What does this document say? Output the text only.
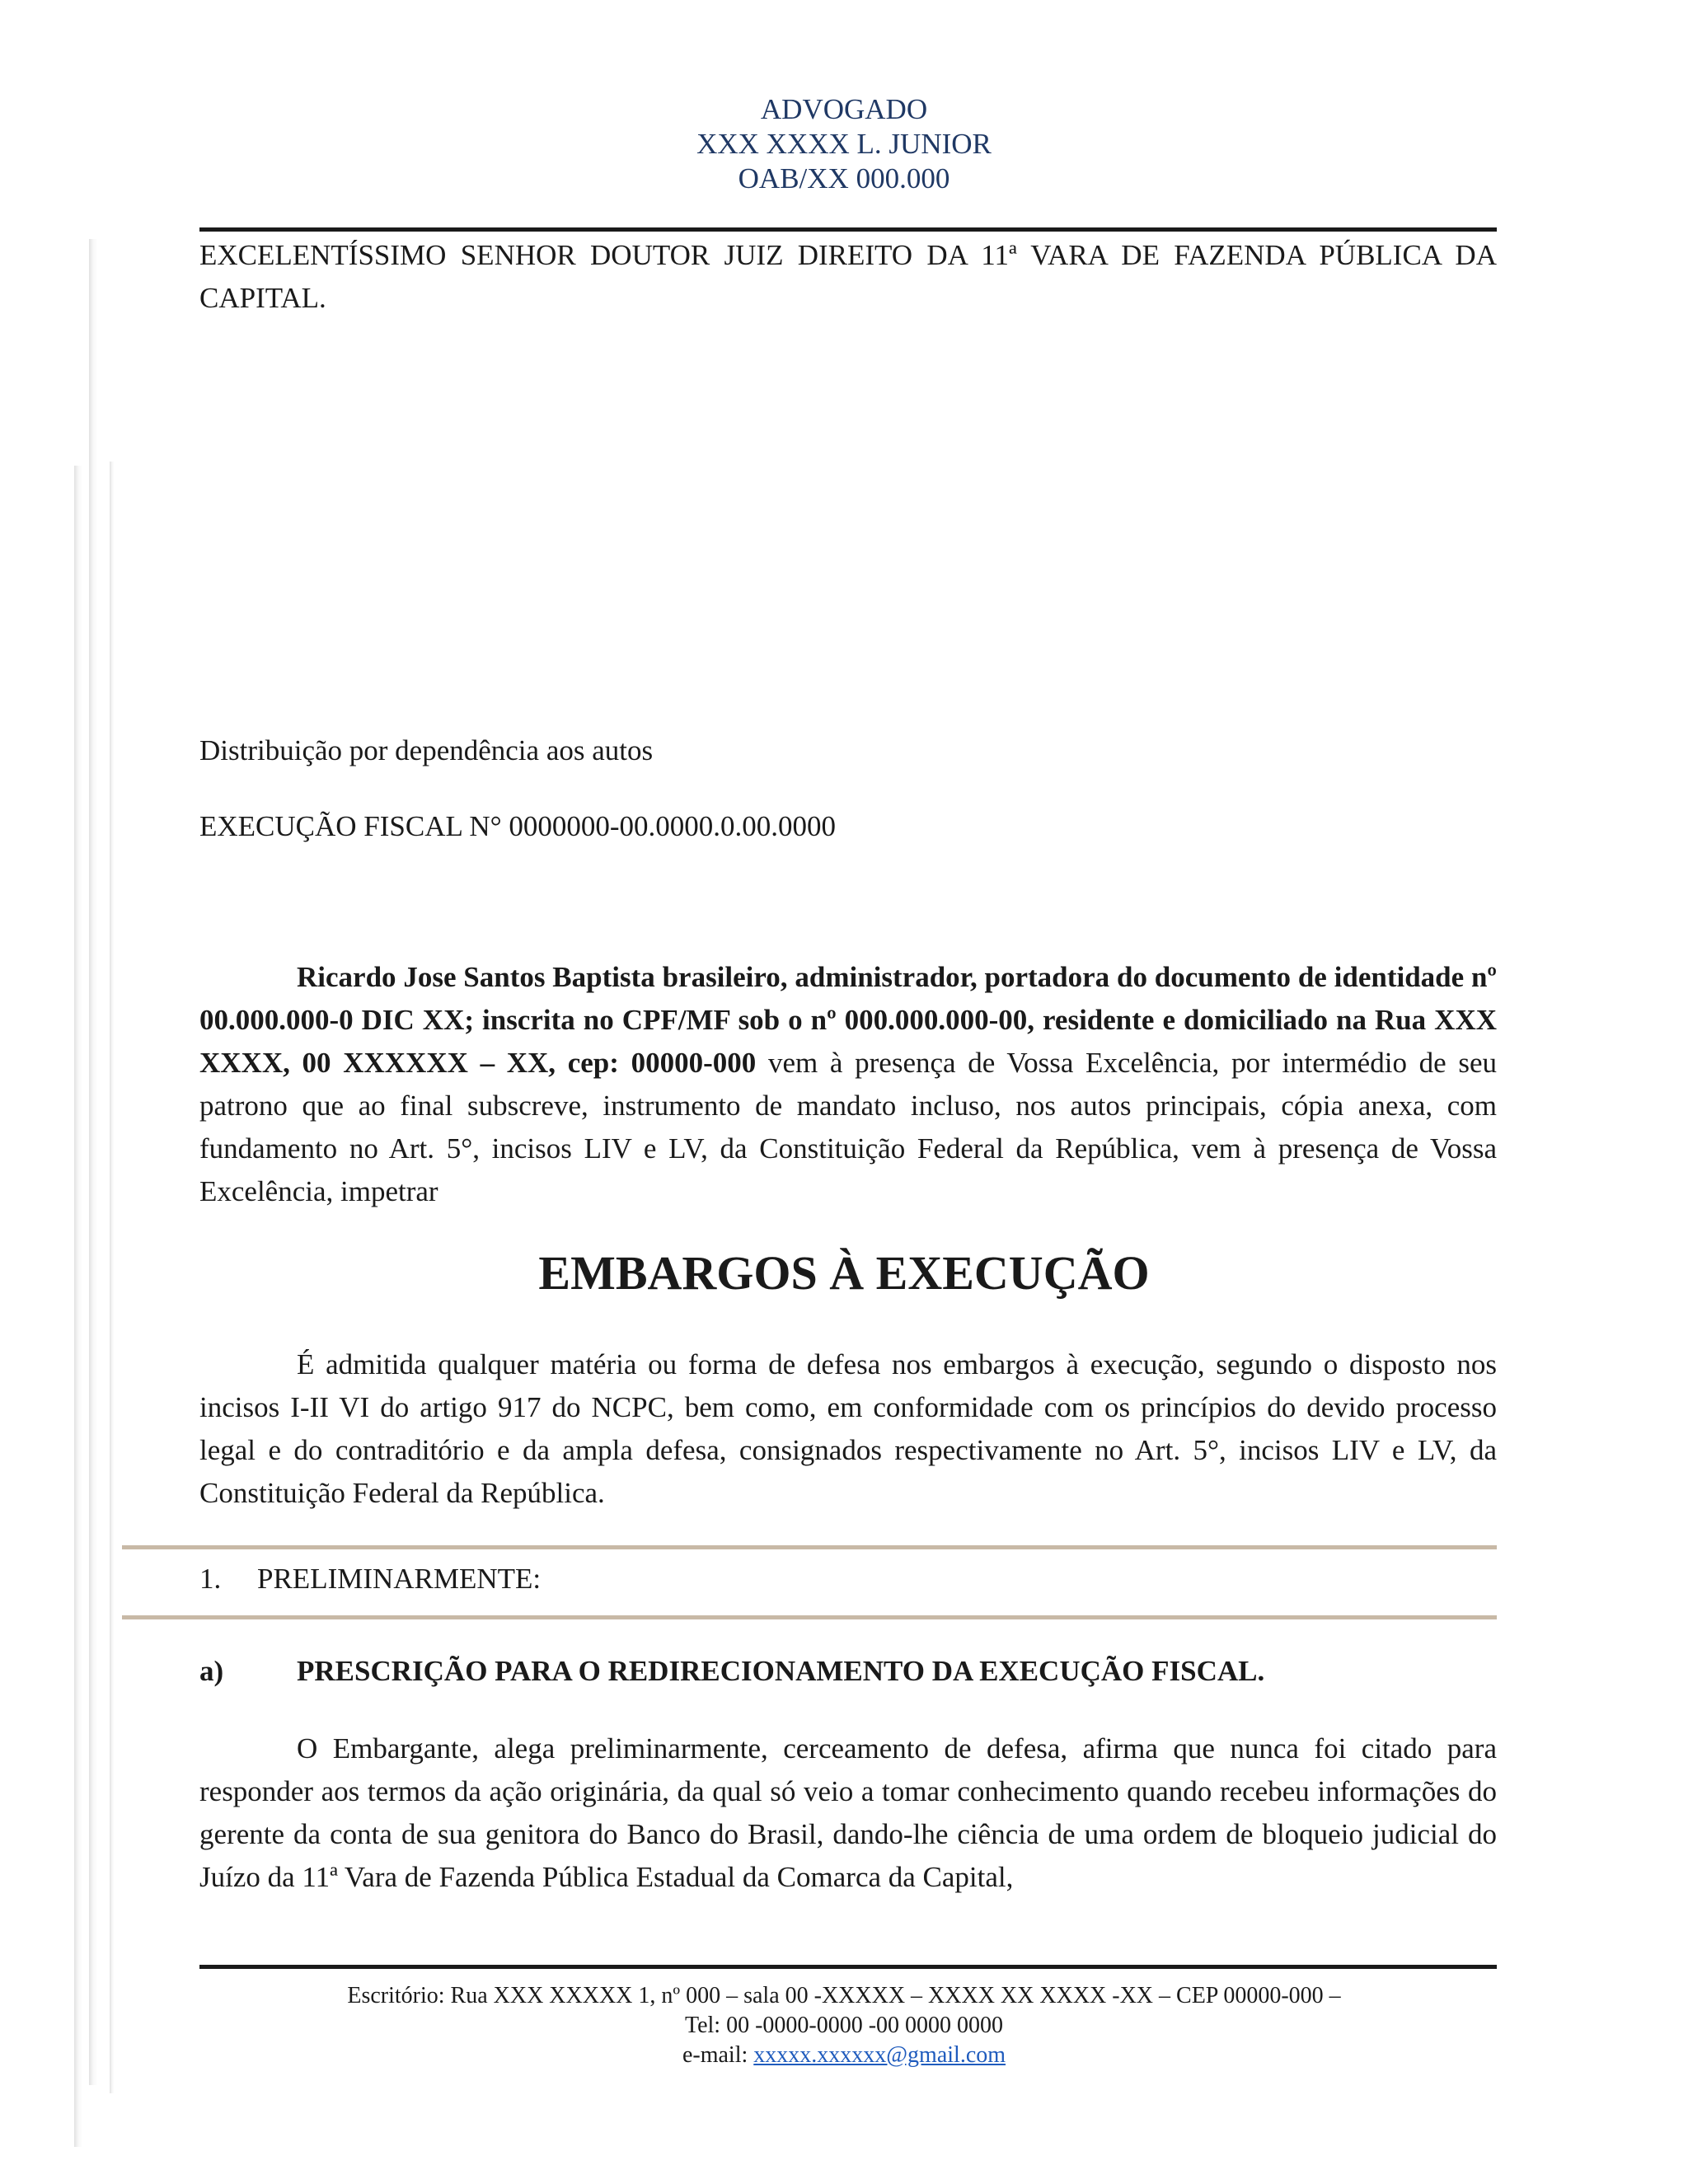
ADVOGADO
XXX XXXX L. JUNIOR
OAB/XX 000.000

EXCELENTÍSSIMO SENHOR DOUTOR JUIZ DIREITO DA 11ª VARA DE FAZENDA PÚBLICA DA CAPITAL.

Distribuição por dependência aos autos

EXECUÇÃO FISCAL N° 0000000-00.0000.0.00.0000

Ricardo Jose Santos Baptista brasileiro, administrador, portadora do documento de identidade nº 00.000.000-0 DIC XX; inscrita no CPF/MF sob o nº 000.000.000-00, residente e domiciliado na Rua XXX XXXX, 00 XXXXXX – XX, cep: 00000-000 vem à presença de Vossa Excelência, por intermédio de seu patrono que ao final subscreve, instrumento de mandato incluso, nos autos principais, cópia anexa, com fundamento no Art. 5°, incisos LIV e LV, da Constituição Federal da República, vem à presença de Vossa Excelência, impetrar

EMBARGOS À EXECUÇÃO

É admitida qualquer matéria ou forma de defesa nos embargos à execução, segundo o disposto nos incisos I-II VI do artigo 917 do NCPC, bem como, em conformidade com os princípios do devido processo legal e do contraditório e da ampla defesa, consignados respectivamente no Art. 5°, incisos LIV e LV, da Constituição Federal da República.

1. PRELIMINARMENTE:
a)	PRESCRIÇÃO PARA O REDIRECIONAMENTO DA EXECUÇÃO FISCAL.

O Embargante, alega preliminarmente, cerceamento de defesa, afirma que nunca foi citado para responder aos termos da ação originária, da qual só veio a tomar conhecimento quando recebeu informações do gerente da conta de sua genitora do Banco do Brasil, dando-lhe ciência de uma ordem de bloqueio judicial do Juízo da 11ª Vara de Fazenda Pública Estadual da Comarca da Capital,

Escritório: Rua XXX XXXXX 1, nº 000 – sala 00 -XXXXX – XXXX XX XXXX -XX – CEP 00000-000 –
Tel: 00 -0000-0000 -00 0000 0000
e-mail: xxxxx.xxxxxx@gmail.com
